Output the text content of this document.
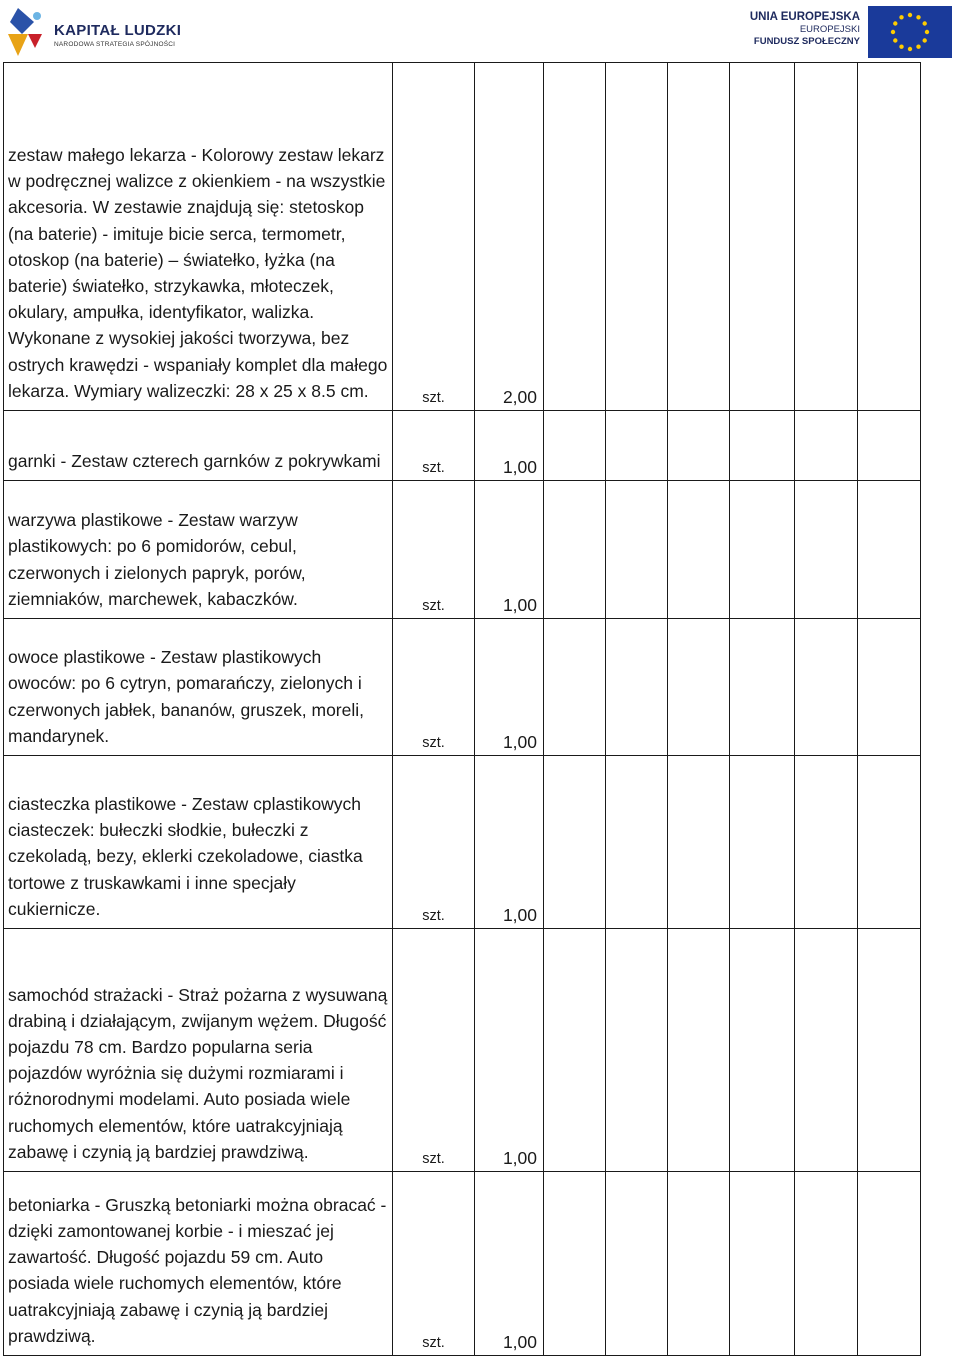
KAPITAŁ LUDZKI
NARODOWA STRATEGIA SPÓJNOŚCI
UNIA EUROPEJSKA
EUROPEJSKI
FUNDUSZ SPOŁECZNY
zestaw małego lekarza - Kolorowy zestaw lekarz w podręcznej walizce z okienkiem - na wszystkie akcesoria. W zestawie znajdują się: stetoskop (na baterie) - imituje bicie serca, termometr, otoskop (na baterie) – światełko, łyżka (na baterie) światełko, strzykawka, młoteczek, okulary, ampułka, identyfikator, walizka. Wykonane z wysokiej jakości tworzywa, bez ostrych krawędzi - wspaniały komplet dla małego lekarza. Wymiary walizeczki: 28 x 25 x 8.5 cm.	szt.	2,00						
garnki - Zestaw czterech garnków z pokrywkami	szt.	1,00						
warzywa plastikowe - Zestaw warzyw plastikowych: po 6 pomidorów, cebul, czerwonych i zielonych papryk, porów, ziemniaków, marchewek, kabaczków.	szt.	1,00						
owoce plastikowe - Zestaw plastikowych owoców: po 6 cytryn, pomarańczy, zielonych i czerwonych jabłek, bananów, gruszek, moreli, mandarynek.	szt.	1,00						
ciasteczka plastikowe - Zestaw cplastikowych ciasteczek: bułeczki słodkie, bułeczki z czekoladą, bezy, eklerki czekoladowe, ciastka tortowe z truskawkami i inne specjały cukiernicze.	szt.	1,00						
samochód strażacki - Straż pożarna z wysuwaną drabiną i działającym, zwijanym wężem. Długość pojazdu 78 cm. Bardzo popularna seria pojazdów wyróżnia się dużymi rozmiarami i różnorodnymi modelami. Auto posiada wiele ruchomych elementów, które uatrakcyjniają zabawę i czynią ją bardziej prawdziwą.	szt.	1,00						
betoniarka - Gruszką betoniarki można obracać - dzięki zamontowanej korbie - i mieszać jej zawartość. Długość pojazdu 59 cm. Auto posiada wiele ruchomych elementów, które uatrakcyjniają zabawę i czynią ją bardziej prawdziwą.	szt.	1,00						
